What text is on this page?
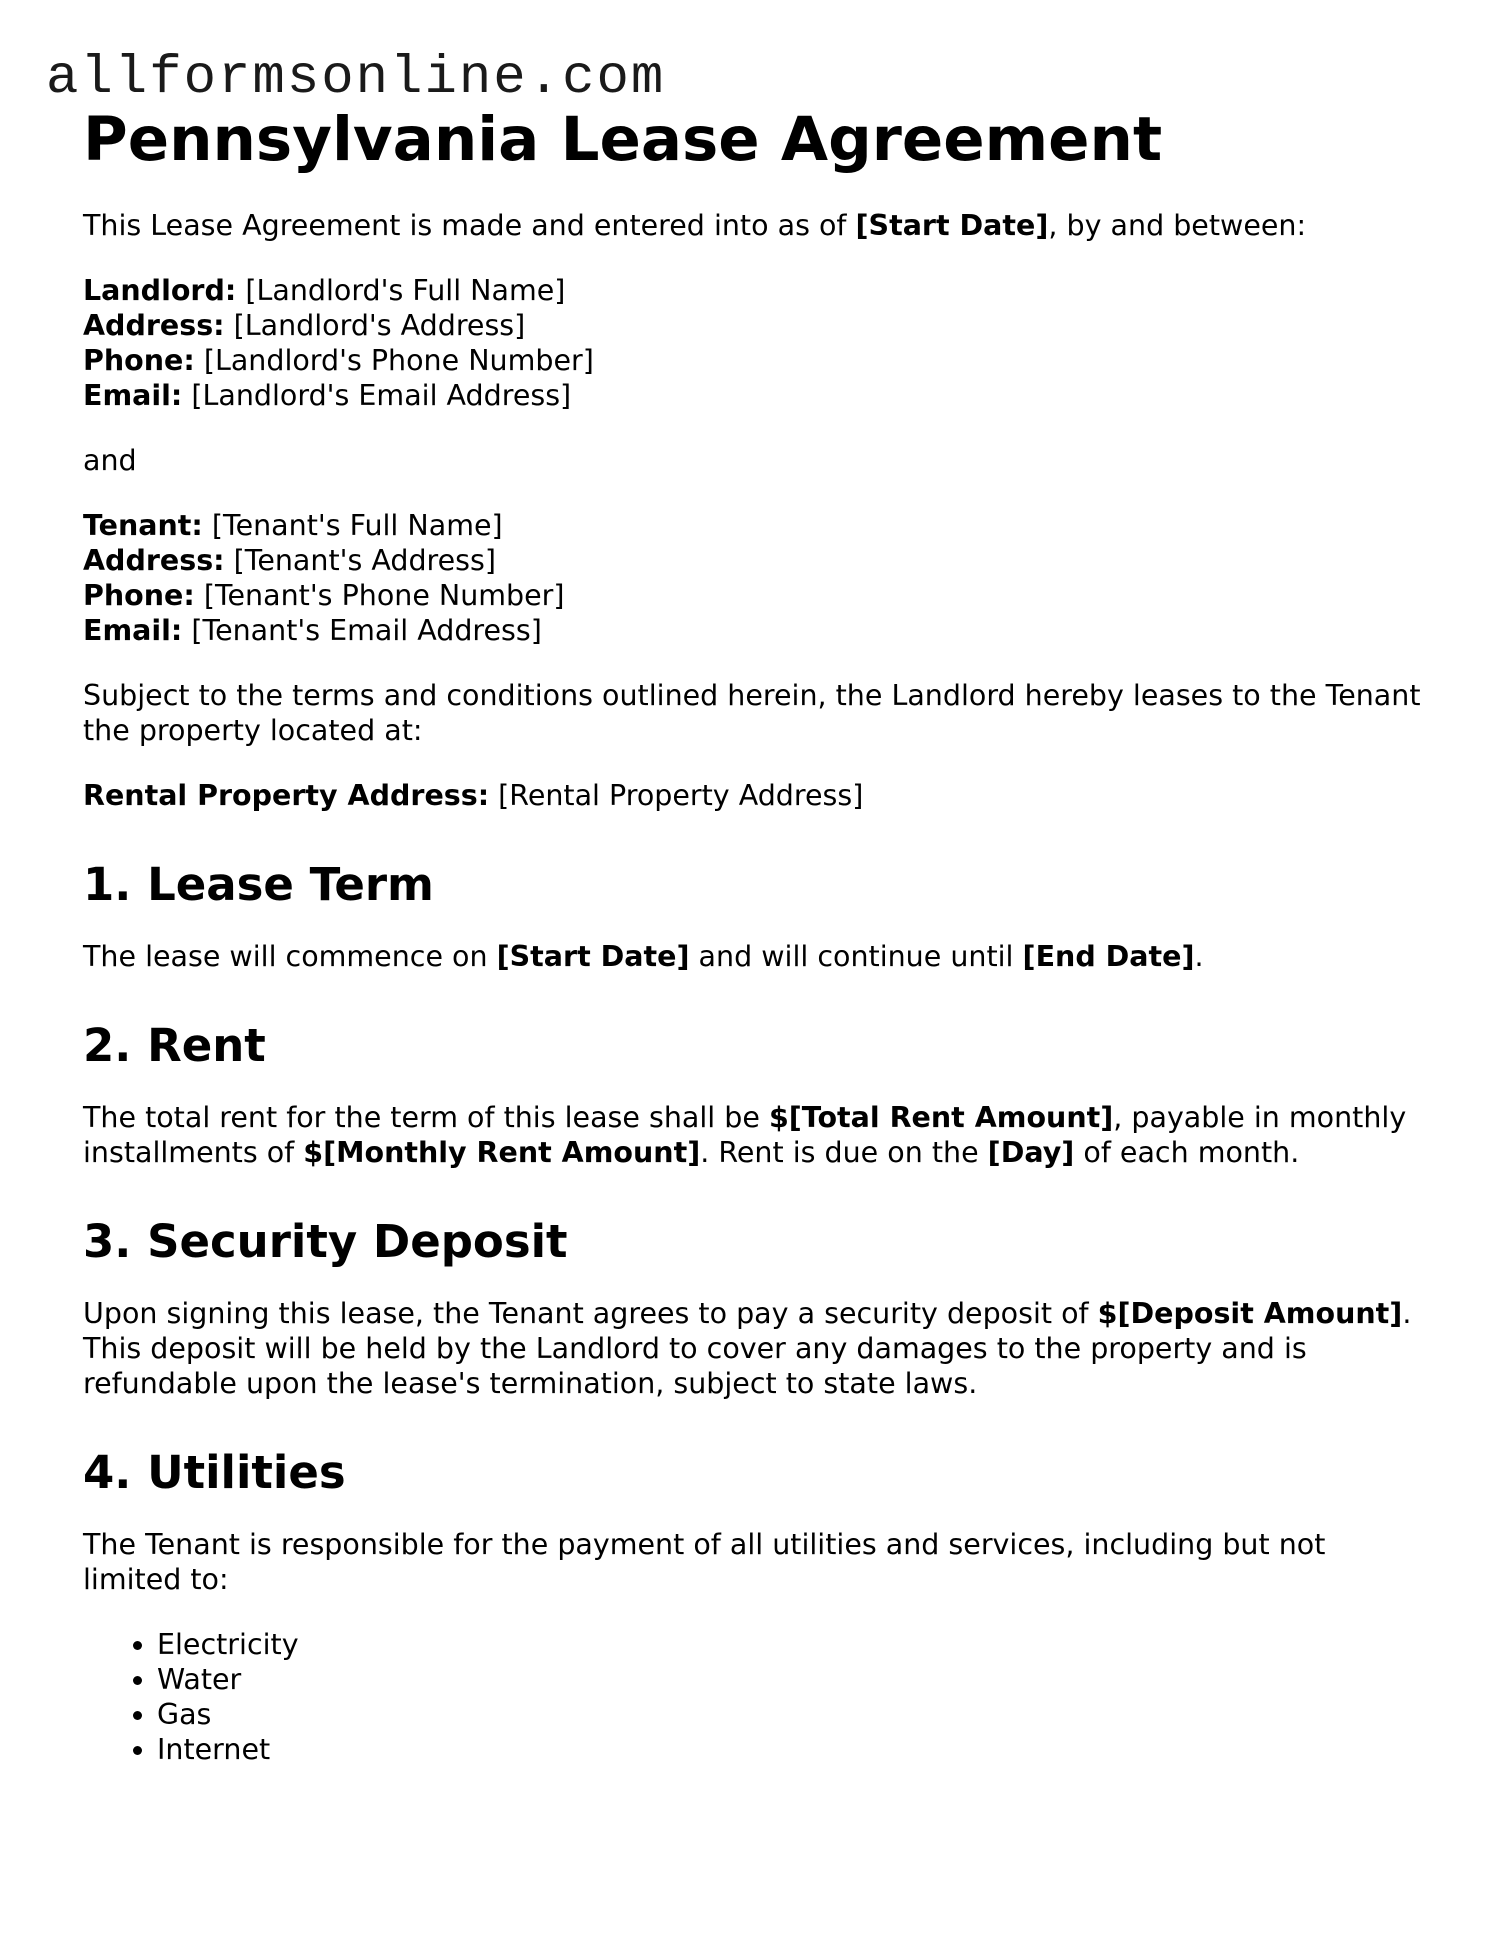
allformsonline.com
Pennsylvania Lease Agreement

This Lease Agreement is made and entered into as of [Start Date], by and between:

Landlord: [Landlord's Full Name]
Address: [Landlord's Address]
Phone: [Landlord's Phone Number]
Email: [Landlord's Email Address]

and

Tenant: [Tenant's Full Name]
Address: [Tenant's Address]
Phone: [Tenant's Phone Number]
Email: [Tenant's Email Address]

Subject to the terms and conditions outlined herein, the Landlord hereby leases to the Tenant the property located at:

Rental Property Address: [Rental Property Address]

1. Lease Term

The lease will commence on [Start Date] and will continue until [End Date].

2. Rent

The total rent for the term of this lease shall be $[Total Rent Amount], payable in monthly installments of $[Monthly Rent Amount]. Rent is due on the [Day] of each month.

3. Security Deposit

Upon signing this lease, the Tenant agrees to pay a security deposit of $[Deposit Amount]. This deposit will be held by the Landlord to cover any damages to the property and is refundable upon the lease's termination, subject to state laws.

4. Utilities

The Tenant is responsible for the payment of all utilities and services, including but not limited to:

• Electricity
• Water
• Gas
• Internet
